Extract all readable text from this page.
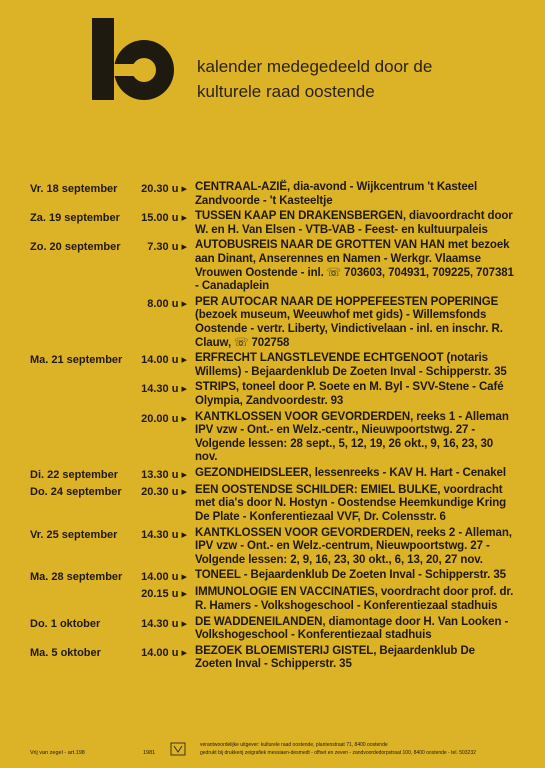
kalender medegedeeld door de
kulturele raad oostende
Vr. 18 september	20.30 u ▸ CENTRAAL-AZIË, dia-avond - Wijkcentrum 't Kasteel Zandvoorde - 't Kasteeltje
Za. 19 september	15.00 u ▸ TUSSEN KAAP EN DRAKENSBERGEN, diavoordracht door W. en H. Van Elsen - VTB-VAB - Feest- en kultuurpaleis
Zo. 20 september	7.30 u ▸ AUTOBUSREIS NAAR DE GROTTEN VAN HAN met bezoek aan Dinant, Anserennes en Namen - Werkgr. Vlaamse Vrouwen Oostende - inl. ☏ 703603, 704931, 709225, 707381 - Canadaplein
8.00 u ▸ PER AUTOCAR NAAR DE HOPPEFEESTEN POPERINGE (bezoek museum, Weeuwhof met gids) - Willemsfonds Oostende - vertr. Liberty, Vindictivelaan - inl. en inschr. R. Clauw, ☏ 702758
Ma. 21 september	14.00 u ▸ ERFRECHT LANGSTLEVENDE ECHTGENOOT (notaris Willems) - Bejaardenklub De Zoeten Inval - Schipperstr. 35
14.30 u ▸ STRIPS, toneel door P. Soete en M. Byl - SVV-Stene - Café Olympia, Zandvoordestr. 93
20.00 u ▸ KANTKLOSSEN VOOR GEVORDERDEN, reeks 1 - Alleman IPV vzw - Ont.- en Welz.-centr., Nieuwpoortstwg. 27 - Volgende lessen: 28 sept., 5, 12, 19, 26 okt., 9, 16, 23, 30 nov.
Di. 22 september	13.30 u ▸ GEZONDHEIDSLEER, lessenreeks - KAV H. Hart - Cenakel
Do. 24 september	20.30 u ▸ EEN OOSTENDSE SCHILDER: EMIEL BULKE, voordracht met dia's door N. Hostyn - Oostendse Heemkundige Kring De Plate - Konferentiezaal VVF, Dr. Colensstr. 6
Vr. 25 september	14.30 u ▸ KANTKLOSSEN VOOR GEVORDERDEN, reeks 2 - Alleman, IPV vzw - Ont.- en Welz.-centrum, Nieuwpoortstwg. 27 - Volgende lessen: 2, 9, 16, 23, 30 okt., 6, 13, 20, 27 nov.
Ma. 28 september	14.00 u ▸ TONEEL - Bejaardenklub De Zoeten Inval - Schipperstr. 35
20.15 u ▸ IMMUNOLOGIE EN VACCINATIES, voordracht door prof. dr. R. Hamers - Volkshogeschool - Konferentiezaal stadhuis
Do. 1 oktober	14.30 u ▸ DE WADDENEILANDEN, diamontage door H. Van Looken - Volkshogeschool - Konferentiezaal stadhuis
Ma. 5 oktober	14.00 u ▸ BEZOEK BLOEMISTERIJ GISTEL, Bejaardenklub De Zoeten Inval - Schipperstr. 35
Vrij van zegel - art.198	1981
verantwoordelijke uitgever: kulturele raad oostende, plantenstraat 71, 8400 oostende
gedrukt bij drukkerij zeigrafiek messiaen-desmedt - offset en zeven - zandvoordedorpstraat 100, 8400 oostende - tel. 503232
